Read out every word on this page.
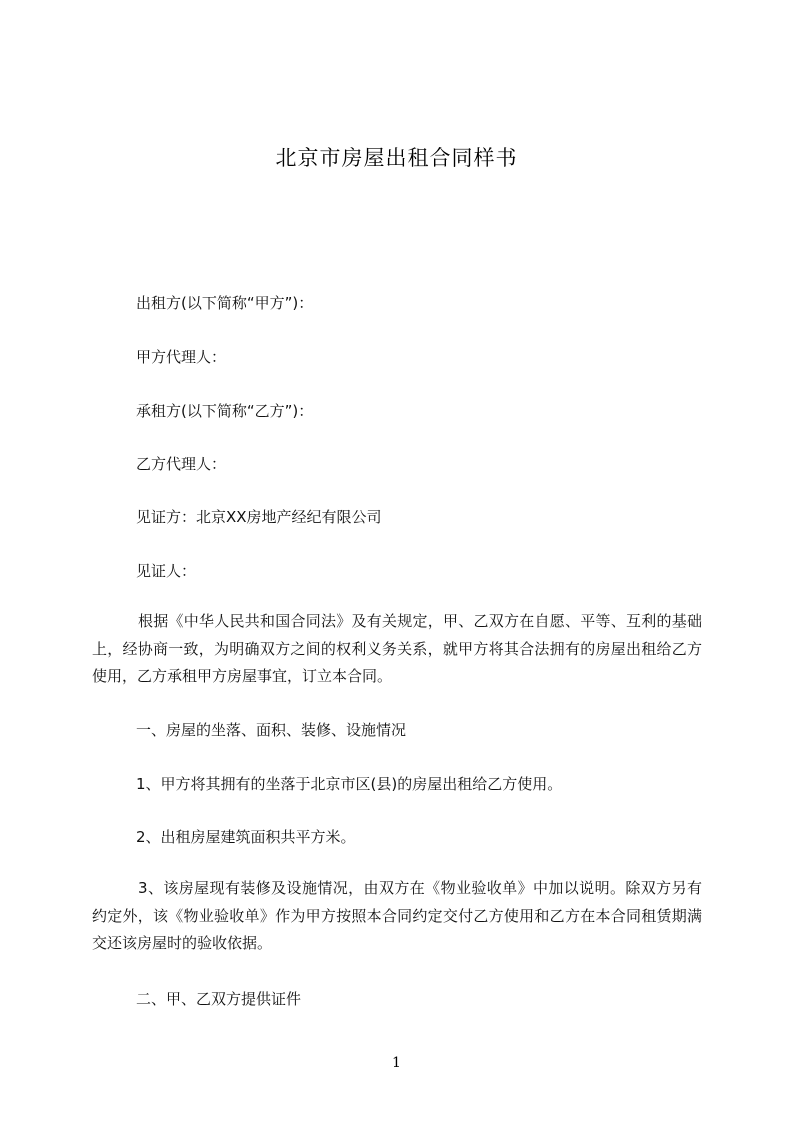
北京市房屋出租合同样书
出租方(以下简称“甲方”)：
甲方代理人：
承租方(以下简称“乙方”)：
乙方代理人：
见证方：北京XX房地产经纪有限公司
见证人：
根据《中华人民共和国合同法》及有关规定，甲、乙双方在自愿、平等、互利的基础上，经协商一致，为明确双方之间的权利义务关系，就甲方将其合法拥有的房屋出租给乙方使用，乙方承租甲方房屋事宜，订立本合同。
一、房屋的坐落、面积、装修、设施情况
1、甲方将其拥有的坐落于北京市区(县)的房屋出租给乙方使用。
2、出租房屋建筑面积共平方米。
3、该房屋现有装修及设施情况，由双方在《物业验收单》中加以说明。除双方另有约定外，该《物业验收单》作为甲方按照本合同约定交付乙方使用和乙方在本合同租赁期满交还该房屋时的验收依据。
二、甲、乙双方提供证件
1
